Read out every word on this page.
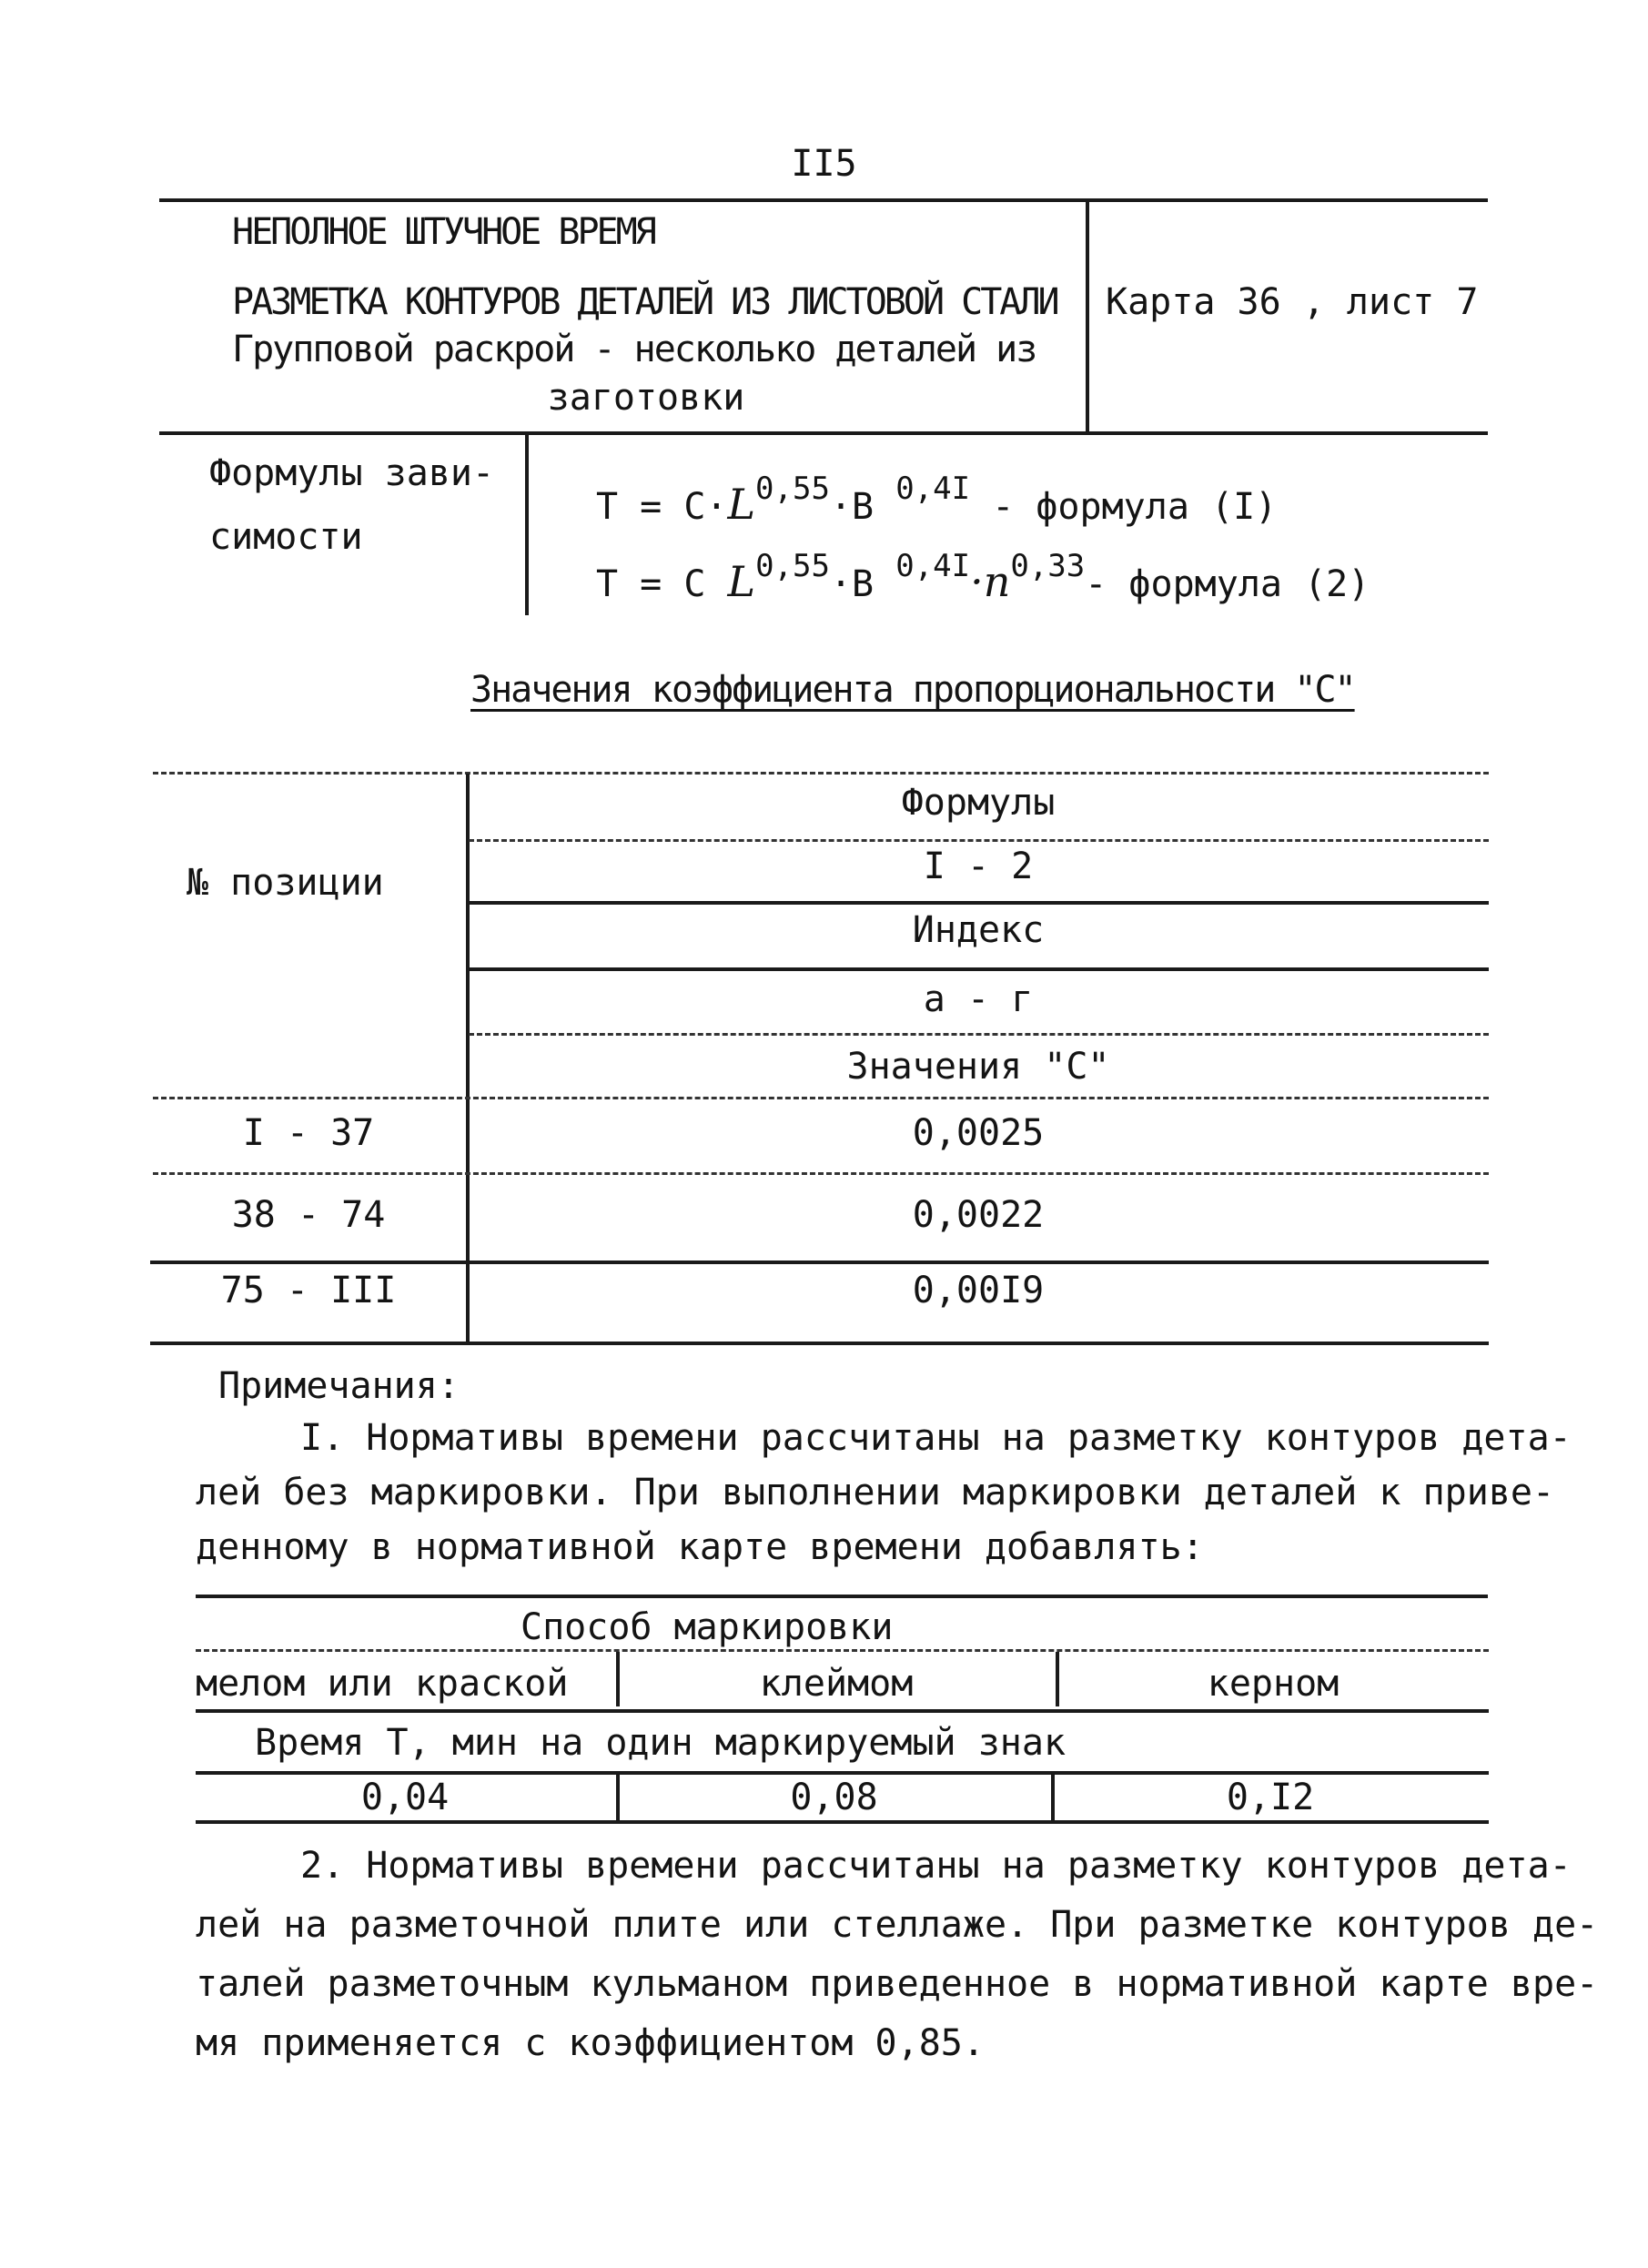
II5
НЕПОЛНОЕ ШТУЧНОЕ ВРЕМЯ
РАЗМЕТКА КОНТУРОВ ДЕТАЛЕЙ ИЗ ЛИСТОВОЙ СТАЛИ
Групповой раскрой - несколько деталей из
заготовки
Карта 36 , лист 7
Формулы зави-
симости
$T = C\cdot L^{0,55}\cdot B$ $^{0,4I}$ - формула (I)
T = C L$^{0,55}$·B $^{0,4I}\cdot n^{0,33}-$ формула (2)
Значения коэффициента пропорциональности "C"
№ позиции
Формулы
I - 2
Индекс
а - г
Значения "C"
I - 37	0,0025
38 - 74	0,0022
75 - III	0,00I9
Примечания:
I. Нормативы времени рассчитаны на разметку контуров дета-
лей без маркировки. При выполнении маркировки деталей к приве-
денному в нормативной карте времени добавлять:
Способ маркировки
мелом или краской	клеймом	керном
Время T, мин на один маркируемый знак
0,04	0,08	0,I2
2. Нормативы времени рассчитаны на разметку контуров дета-
лей на разметочной плите или стеллаже. При разметке контуров де-
талей разметочным кульманом приведенное в нормативной карте вре-
мя применяется с коэффициентом 0,85.
